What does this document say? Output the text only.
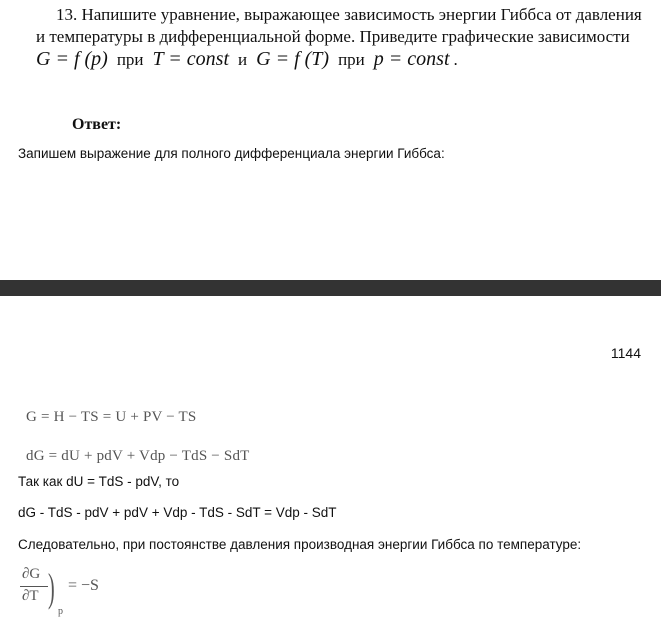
13. Напишите уравнение, выражающее зависимость энергии Гиббса от давления
и температуры в дифференциальной форме. Приведите графические зависимости
G = f (p) при T = const и G = f (T) при p = const .
Ответ:
Запишем выражение для полного дифференциала энергии Гиббса:
1144
G = H − TS = U + PV − TS
dG = dU + pdV + Vdp − TdS − SdT
Так как dU = TdS - pdV, то
dG - TdS - pdV + pdV + Vdp - TdS - SdT = Vdp - SdT
Следовательно, при постоянстве давления производная энергии Гиббса по температуре:
∂G
∂T )
p
= −S
